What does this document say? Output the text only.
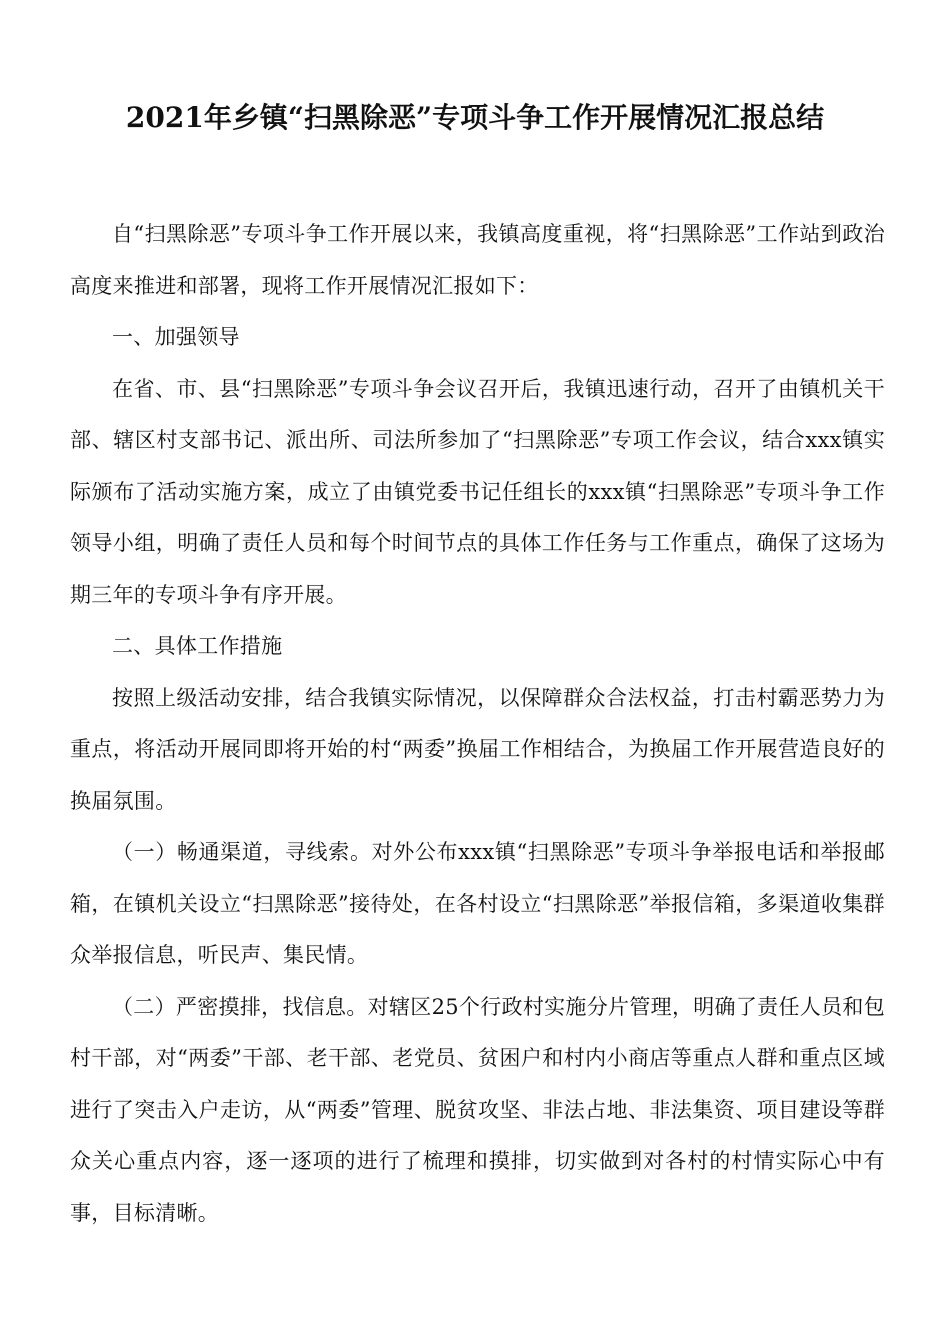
2021年乡镇“扫黑除恶”专项斗争工作开展情况汇报总结

自“扫黑除恶”专项斗争工作开展以来，我镇高度重视，将“扫黑除恶”工作站到政治高度来推进和部署，现将工作开展情况汇报如下：

一、加强领导

在省、市、县“扫黑除恶”专项斗争会议召开后，我镇迅速行动，召开了由镇机关干部、辖区村支部书记、派出所、司法所参加了“扫黑除恶”专项工作会议，结合xxx镇实际颁布了活动实施方案，成立了由镇党委书记任组长的xxx镇“扫黑除恶”专项斗争工作领导小组，明确了责任人员和每个时间节点的具体工作任务与工作重点，确保了这场为期三年的专项斗争有序开展。

二、具体工作措施

按照上级活动安排，结合我镇实际情况，以保障群众合法权益，打击村霸恶势力为重点，将活动开展同即将开始的村“两委”换届工作相结合，为换届工作开展营造良好的换届氛围。

（一）畅通渠道，寻线索。对外公布xxx镇“扫黑除恶”专项斗争举报电话和举报邮箱，在镇机关设立“扫黑除恶”接待处，在各村设立“扫黑除恶”举报信箱，多渠道收集群众举报信息，听民声、集民情。

（二）严密摸排，找信息。对辖区25个行政村实施分片管理，明确了责任人员和包村干部，对“两委”干部、老干部、老党员、贫困户和村内小商店等重点人群和重点区域进行了突击入户走访，从“两委”管理、脱贫攻坚、非法占地、非法集资、项目建设等群众关心重点内容，逐一逐项的进行了梳理和摸排，切实做到对各村的村情实际心中有事，目标清晰。
